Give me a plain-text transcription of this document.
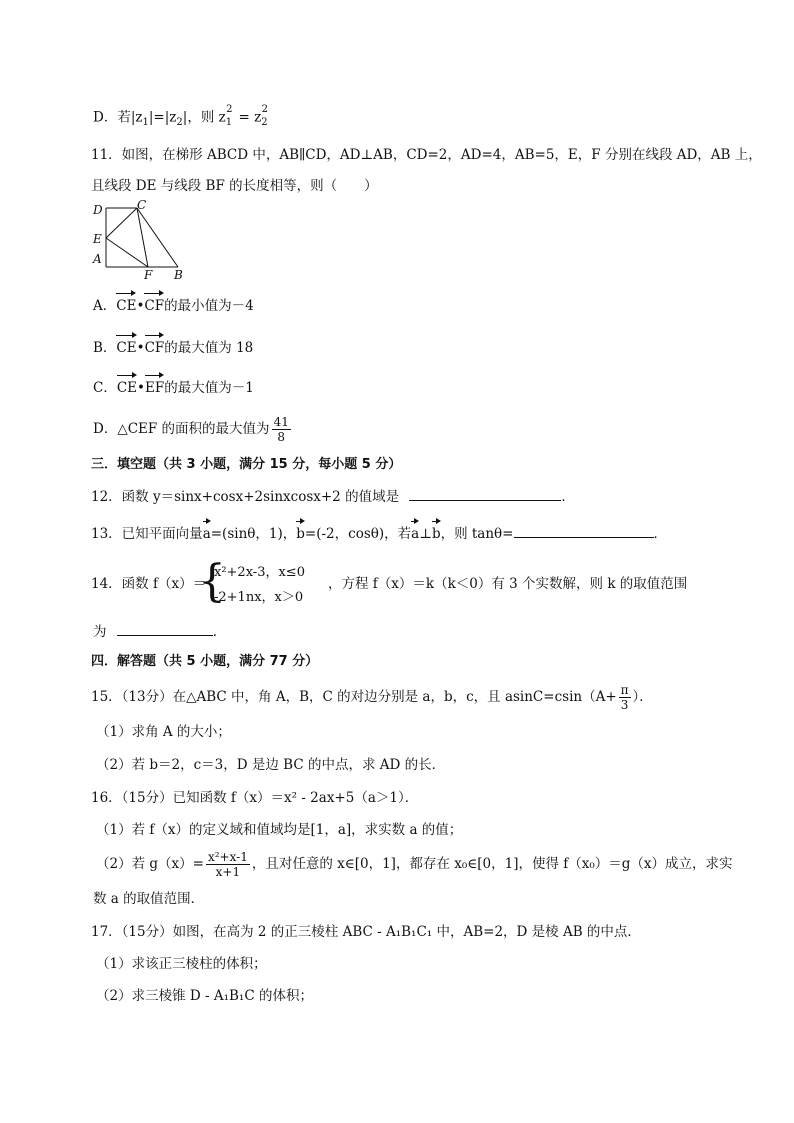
D．若$|z_1|=|z_2|$，则 $z_1^2 = z_2^2$
11．如图，在梯形 ABCD 中，AB∥CD，AD⊥AB，CD=2，AD=4，AB=5，E，F 分别在线段 AD，AB 上，
且线段 DE 与线段 BF 的长度相等，则（　　）
D	C
E
A
F B
A．CE•CF的最小值为－4
B．CE•CF的最大值为 18
C．CE•EF的最大值为－1
D．△CEF 的面积的最大值为 $\frac{41}{8}$
三．填空题（共 3 小题，满分 15 分，每小题 5 分）
12．函数 y＝sinx+cosx+2sinxcosx+2 的值域是	．
13．已知平面向量a=(sinθ，1)，b=(-2，cosθ)，若a⊥b，则 tanθ=	．
14．函数 f（x）＝
{
x²+2x-3，x≤0
-2+1nx，x＞0
，方程 f（x）＝k（k＜0）有 3 个实数解，则 k 的取值范围
为	．
四．解答题（共 5 小题，满分 77 分）
15．（13分）在△ABC 中，角 A，B，C 的对边分别是 a，b，c，且 $asinC=csin(A+ \frac{\pi}{3}$ ）．
（1）求角 A 的大小；
（2）若 b＝2，c＝3，D 是边 BC 的中点，求 AD 的长．
16．（15分）已知函数 f（x）＝x² - 2ax+5（a＞1）．
（1）若 f（x）的定义域和值域均是[1，a]，求实数 a 的值；
（2）若 $g(x)= \frac{\text{x²+x-1}}{x+1}$ ，且对任意的 x∈[0，1]，都存在 x₀∈[0，1]，使得 f（x₀）＝g（x）成立，求实
数 a 的取值范围．
17．（15分）如图，在高为 2 的正三棱柱 ABC - A₁B₁C₁ 中，AB=2，D 是棱 AB 的中点．
（1）求该正三棱柱的体积；
（2）求三棱锥 D - A₁B₁C 的体积；
